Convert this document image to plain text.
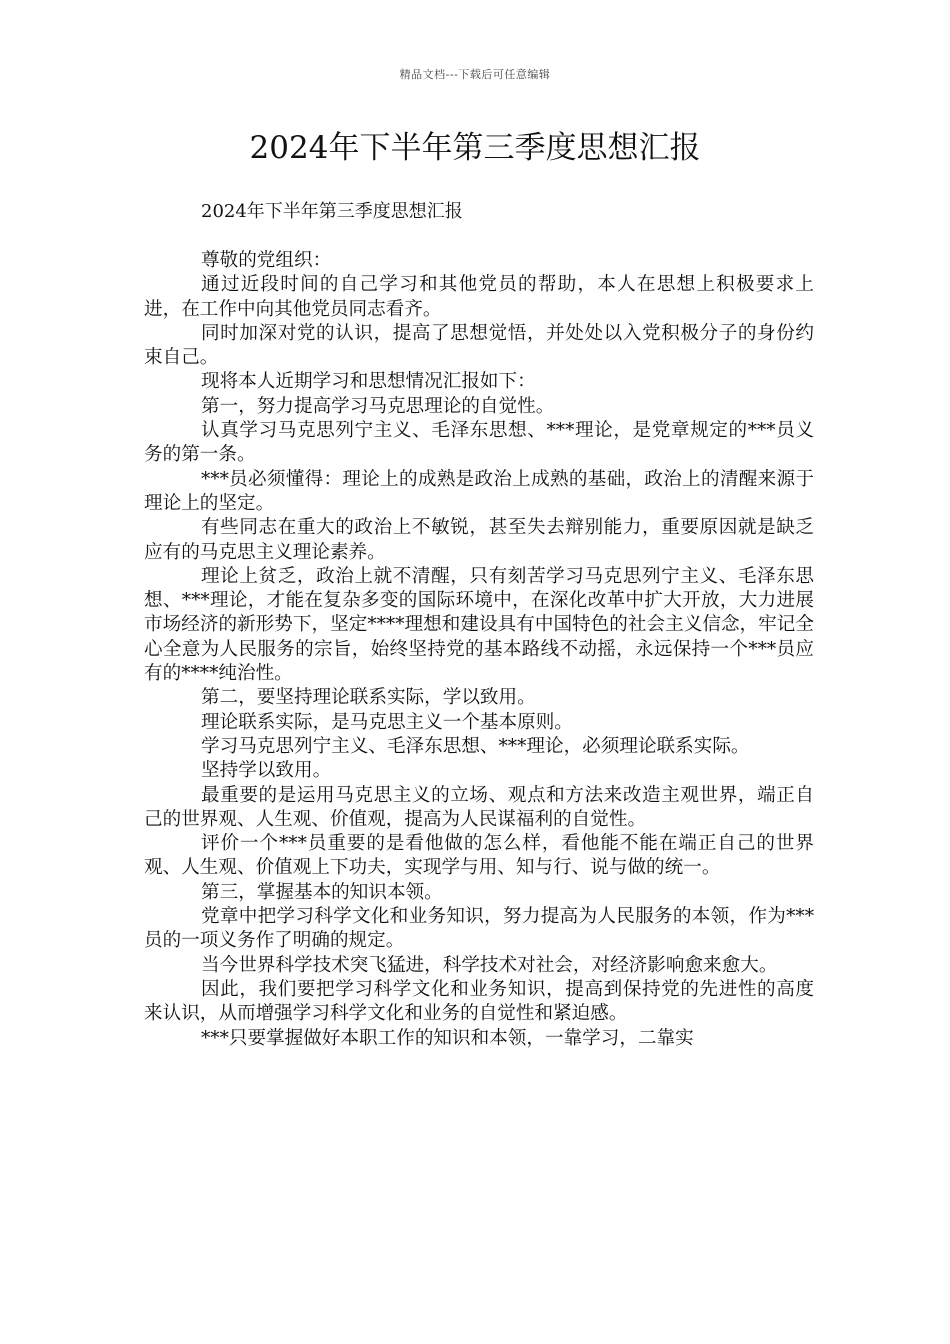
精品文档---下载后可任意编辑
2024年下半年第三季度思想汇报

2024年下半年第三季度思想汇报

尊敬的党组织：

通过近段时间的自己学习和其他党员的帮助，本人在思想上积极要求上进，在工作中向其他党员同志看齐。

同时加深对党的认识，提高了思想觉悟，并处处以入党积极分子的身份约束自己。

现将本人近期学习和思想情况汇报如下：

第一，努力提高学习马克思理论的自觉性。

认真学习马克思列宁主义、毛泽东思想、***理论，是党章规定的***员义务的第一条。

***员必须懂得：理论上的成熟是政治上成熟的基础，政治上的清醒来源于理论上的坚定。

有些同志在重大的政治上不敏锐，甚至失去辩别能力，重要原因就是缺乏应有的马克思主义理论素养。

理论上贫乏，政治上就不清醒，只有刻苦学习马克思列宁主义、毛泽东思想、***理论，才能在复杂多变的国际环境中，在深化改革中扩大开放，大力进展市场经济的新形势下，坚定****理想和建设具有中国特色的社会主义信念，牢记全心全意为人民服务的宗旨，始终坚持党的基本路线不动摇，永远保持一个***员应有的****纯治性。

第二，要坚持理论联系实际，学以致用。

理论联系实际，是马克思主义一个基本原则。

学习马克思列宁主义、毛泽东思想、***理论，必须理论联系实际。

坚持学以致用。

最重要的是运用马克思主义的立场、观点和方法来改造主观世界，端正自己的世界观、人生观、价值观，提高为人民谋福利的自觉性。

评价一个***员重要的是看他做的怎么样，看他能不能在端正自己的世界观、人生观、价值观上下功夫，实现学与用、知与行、说与做的统一。

第三，掌握基本的知识本领。

党章中把学习科学文化和业务知识，努力提高为人民服务的本领，作为***员的一项义务作了明确的规定。

当今世界科学技术突飞猛进，科学技术对社会，对经济影响愈来愈大。

因此，我们要把学习科学文化和业务知识，提高到保持党的先进性的高度来认识，从而增强学习科学文化和业务的自觉性和紧迫感。

***只要掌握做好本职工作的知识和本领，一靠学习，二靠实
